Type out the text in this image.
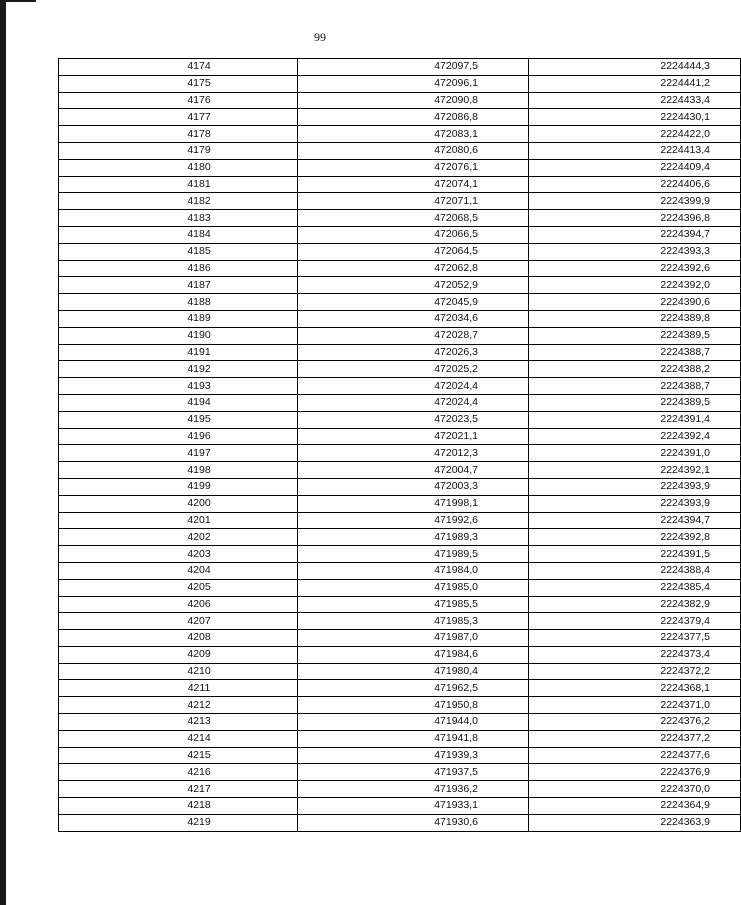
99
4174	472097,5	2224444,3
4175	472096,1	2224441,2
4176	472090,8	2224433,4
4177	472086,8	2224430,1
4178	472083,1	2224422,0
4179	472080,6	2224413,4
4180	472076,1	2224409,4
4181	472074,1	2224406,6
4182	472071,1	2224399,9
4183	472068,5	2224396,8
4184	472066,5	2224394,7
4185	472064,5	2224393,3
4186	472062,8	2224392,6
4187	472052,9	2224392,0
4188	472045,9	2224390,6
4189	472034,6	2224389,8
4190	472028,7	2224389,5
4191	472026,3	2224388,7
4192	472025,2	2224388,2
4193	472024,4	2224388,7
4194	472024,4	2224389,5
4195	472023,5	2224391,4
4196	472021,1	2224392,4
4197	472012,3	2224391,0
4198	472004,7	2224392,1
4199	472003,3	2224393,9
4200	471998,1	2224393,9
4201	471992,6	2224394,7
4202	471989,3	2224392,8
4203	471989,5	2224391,5
4204	471984,0	2224388,4
4205	471985,0	2224385,4
4206	471985,5	2224382,9
4207	471985,3	2224379,4
4208	471987,0	2224377,5
4209	471984,6	2224373,4
4210	471980,4	2224372,2
4211	471962,5	2224368,1
4212	471950,8	2224371,0
4213	471944,0	2224376,2
4214	471941,8	2224377,2
4215	471939,3	2224377,6
4216	471937,5	2224376,9
4217	471936,2	2224370,0
4218	471933,1	2224364,9
4219	471930,6	2224363,9
